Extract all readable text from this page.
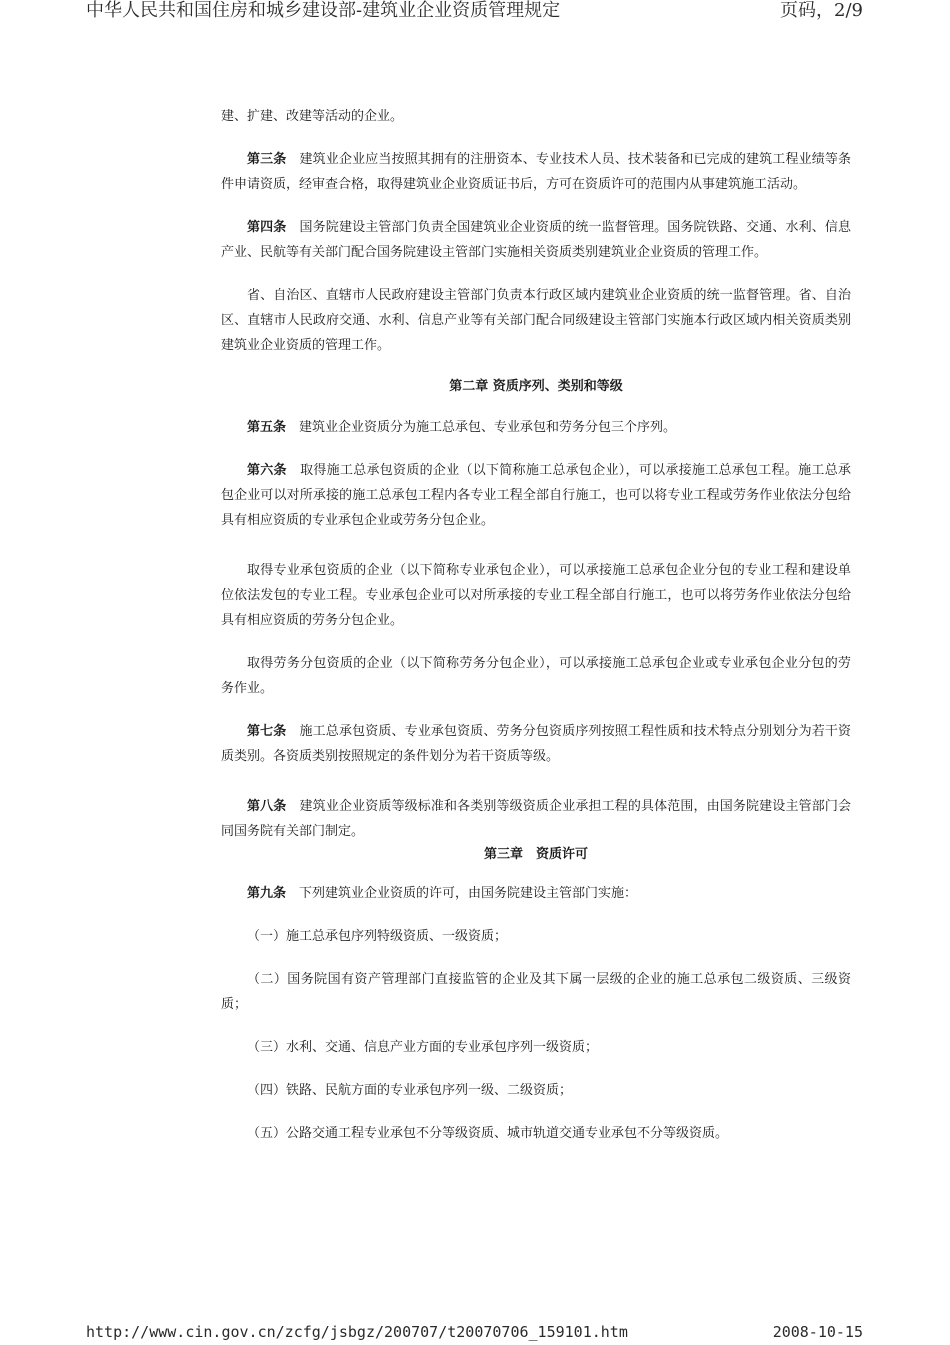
中华人民共和国住房和城乡建设部-建筑业企业资质管理规定	页码，2/9

建、扩建、改建等活动的企业。

第三条　 建筑业企业应当按照其拥有的注册资本、专业技术人员、技术装备和已完成的建筑工程业绩等条件申请资质，经审查合格，取得建筑业企业资质证书后，方可在资质许可的范围内从事建筑施工活动。

第四条　 国务院建设主管部门负责全国建筑业企业资质的统一监督管理。国务院铁路、交通、水利、信息产业、民航等有关部门配合国务院建设主管部门实施相关资质类别建筑业企业资质的管理工作。

省、自治区、直辖市人民政府建设主管部门负责本行政区域内建筑业企业资质的统一监督管理。省、自治区、直辖市人民政府交通、水利、信息产业等有关部门配合同级建设主管部门实施本行政区域内相关资质类别建筑业企业资质的管理工作。

第二章 资质序列、类别和等级

第五条　 建筑业企业资质分为施工总承包、专业承包和劳务分包三个序列。

第六条　 取得施工总承包资质的企业（以下简称施工总承包企业），可以承接施工总承包工程。施工总承包企业可以对所承接的施工总承包工程内各专业工程全部自行施工，也可以将专业工程或劳务作业依法分包给具有相应资质的专业承包企业或劳务分包企业。

取得专业承包资质的企业（以下简称专业承包企业），可以承接施工总承包企业分包的专业工程和建设单位依法发包的专业工程。专业承包企业可以对所承接的专业工程全部自行施工，也可以将劳务作业依法分包给具有相应资质的劳务分包企业。

取得劳务分包资质的企业（以下简称劳务分包企业），可以承接施工总承包企业或专业承包企业分包的劳务作业。

第七条　 施工总承包资质、专业承包资质、劳务分包资质序列按照工程性质和技术特点分别划分为若干资质类别。各资质类别按照规定的条件划分为若干资质等级。

第八条　 建筑业企业资质等级标准和各类别等级资质企业承担工程的具体范围，由国务院建设主管部门会同国务院有关部门制定。

第三章　资质许可

第九条　 下列建筑业企业资质的许可，由国务院建设主管部门实施：

（一）施工总承包序列特级资质、一级资质；

（二）国务院国有资产管理部门直接监管的企业及其下属一层级的企业的施工总承包二级资质、三级资质；

（三）水利、交通、信息产业方面的专业承包序列一级资质；

（四）铁路、民航方面的专业承包序列一级、二级资质；

（五）公路交通工程专业承包不分等级资质、城市轨道交通专业承包不分等级资质。

http://www.cin.gov.cn/zcfg/jsbgz/200707/t20070706_159101.htm	2008-10-15
